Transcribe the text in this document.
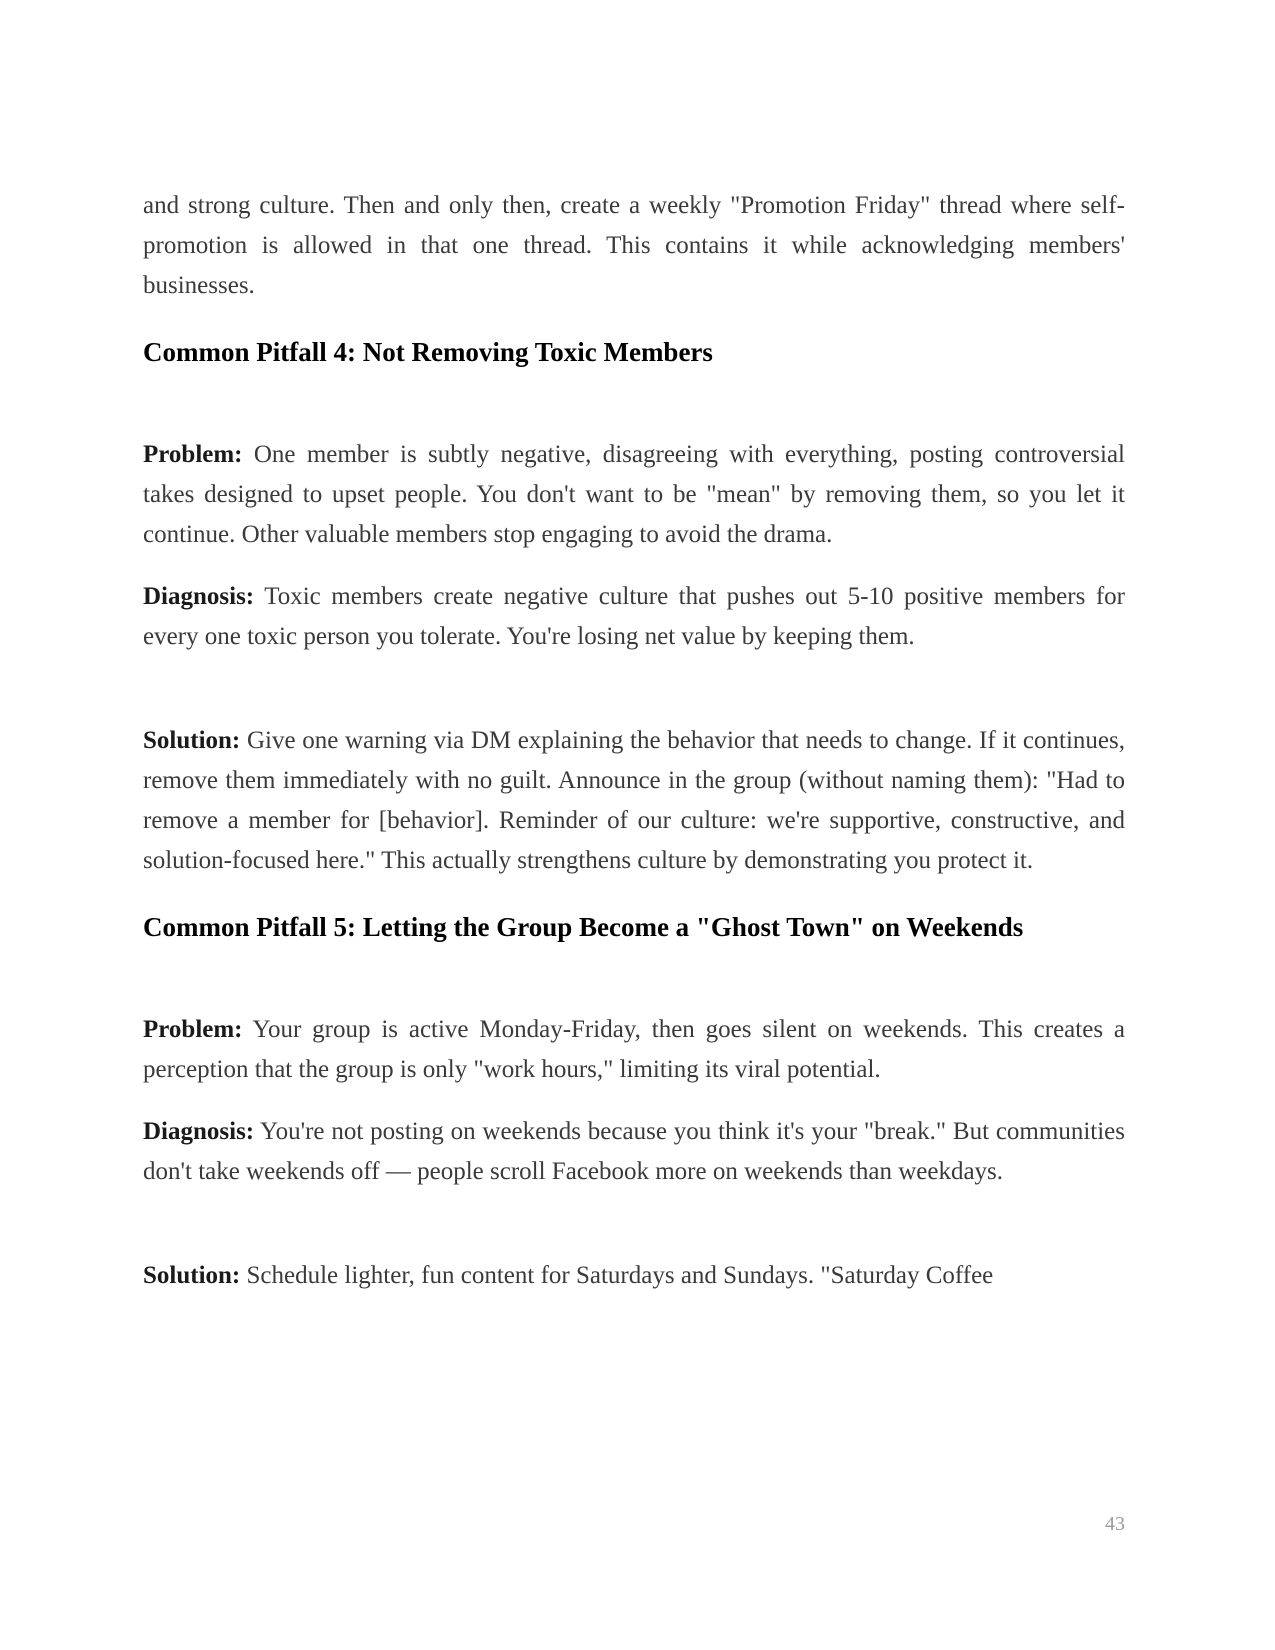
and strong culture. Then and only then, create a weekly "Promotion Friday" thread where self-promotion is allowed in that one thread. This contains it while acknowledging members' businesses.

Common Pitfall 4: Not Removing Toxic Members

Problem: One member is subtly negative, disagreeing with everything, posting controversial takes designed to upset people. You don't want to be "mean" by removing them, so you let it continue. Other valuable members stop engaging to avoid the drama.

Diagnosis: Toxic members create negative culture that pushes out 5-10 positive members for every one toxic person you tolerate. You're losing net value by keeping them.

Solution: Give one warning via DM explaining the behavior that needs to change. If it continues, remove them immediately with no guilt. Announce in the group (without naming them): "Had to remove a member for [behavior]. Reminder of our culture: we're supportive, constructive, and solution-focused here." This actually strengthens culture by demonstrating you protect it.

Common Pitfall 5: Letting the Group Become a "Ghost Town" on Weekends

Problem: Your group is active Monday-Friday, then goes silent on weekends. This creates a perception that the group is only "work hours," limiting its viral potential.

Diagnosis: You're not posting on weekends because you think it's your "break." But communities don't take weekends off — people scroll Facebook more on weekends than weekdays.

Solution: Schedule lighter, fun content for Saturdays and Sundays. "Saturday Coffee

43
